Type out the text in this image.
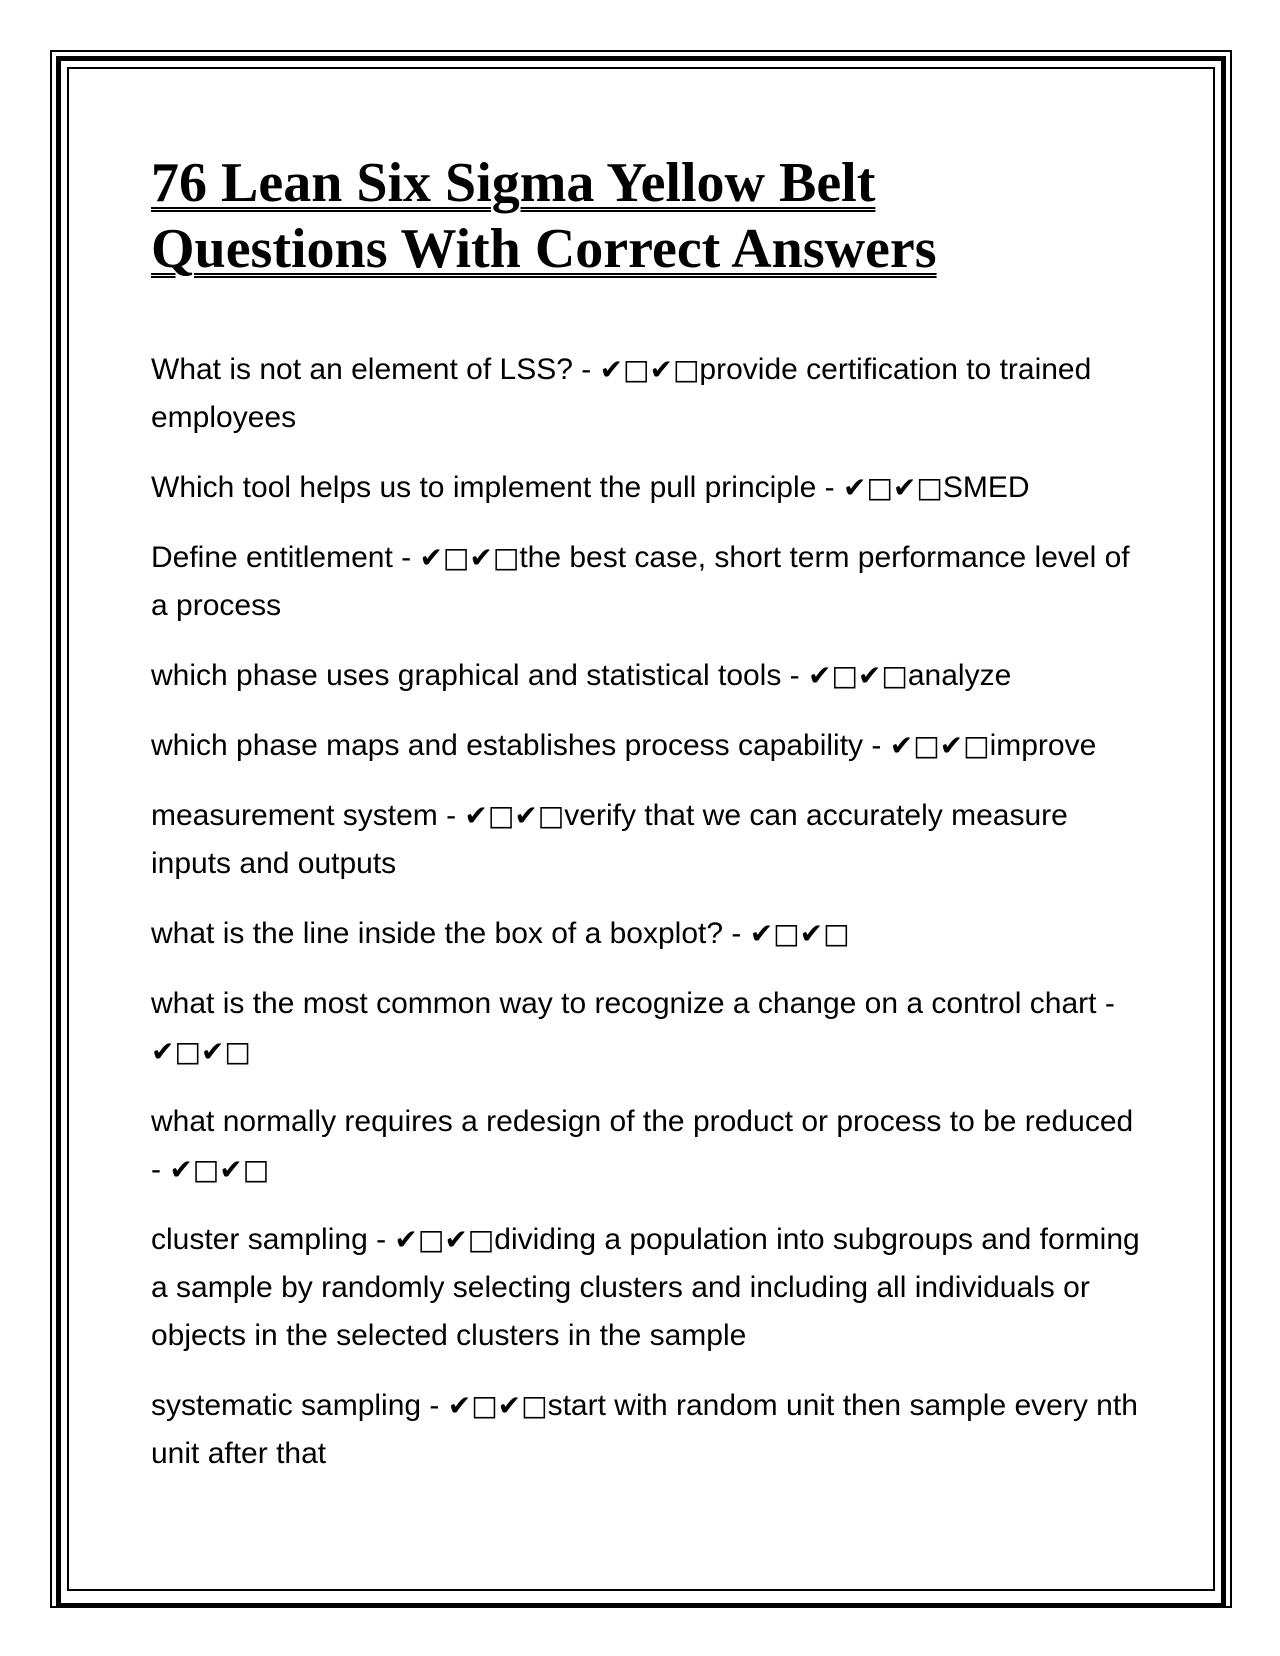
76 Lean Six Sigma Yellow Belt
Questions With Correct Answers

What is not an element of LSS? - ✔□✔□provide certification to trained employees

Which tool helps us to implement the pull principle - ✔□✔□SMED

Define entitlement - ✔□✔□the best case, short term performance level of a process

which phase uses graphical and statistical tools - ✔□✔□analyze

which phase maps and establishes process capability - ✔□✔□improve

measurement system - ✔□✔□verify that we can accurately measure inputs and outputs

what is the line inside the box of a boxplot? - ✔□✔□

what is the most common way to recognize a change on a control chart - ✔□✔□

what normally requires a redesign of the product or process to be reduced - ✔□✔□

cluster sampling - ✔□✔□dividing a population into subgroups and forming a sample by randomly selecting clusters and including all individuals or objects in the selected clusters in the sample

systematic sampling - ✔□✔□start with random unit then sample every nth unit after that
